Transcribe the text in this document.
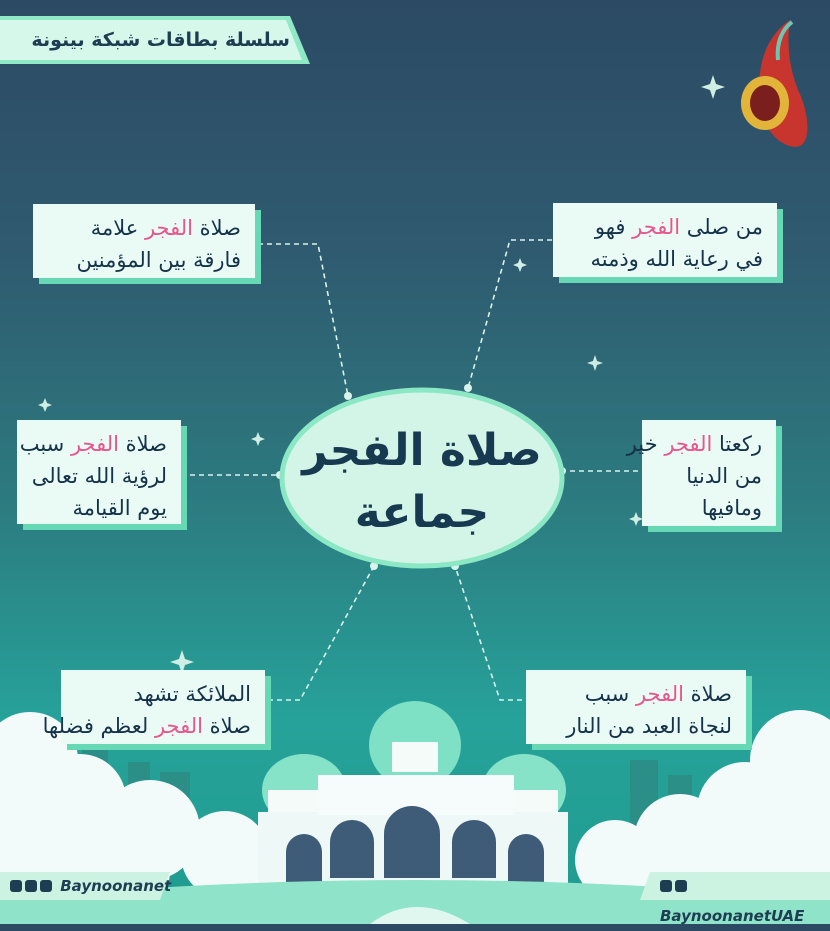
سلسلة بطاقات شبكة بينونة
صلاة الفجر
جماعة
من صلى الفجر فهو
في رعاية الله وذمته
صلاة الفجر علامة
فارقة بين المؤمنين
ركعتا الفجر خير
من الدنيا
ومافيها
صلاة الفجر سبب
لرؤية الله تعالى
يوم القيامة
صلاة الفجر سبب
لنجاة العبد من النار
الملائكة تشهد
صلاة الفجر لعظم فضلها
Baynoonanet
BaynoonanetUAE
